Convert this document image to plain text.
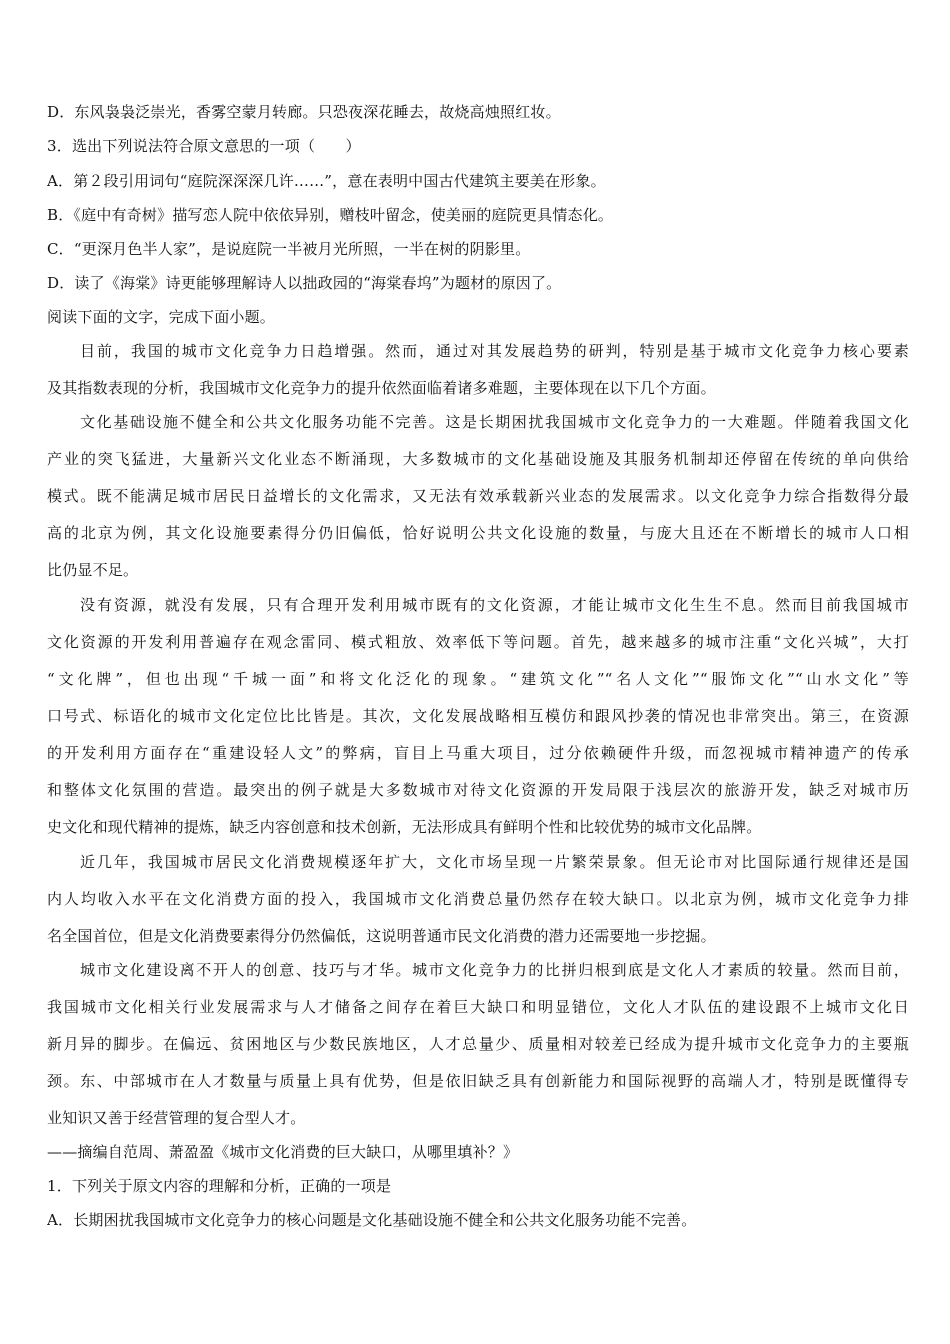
D．东风袅袅泛崇光，香雾空蒙月转廊。只恐夜深花睡去，故烧高烛照红妆。
3．选出下列说法符合原文意思的一项（　　）
A．第２段引用词句“庭院深深深几许……”，意在表明中国古代建筑主要美在形象。
B．《庭中有奇树》描写恋人院中依依异别，赠枝叶留念，使美丽的庭院更具情态化。
C．“更深月色半人家”，是说庭院一半被月光所照，一半在树的阴影里。
D．读了《海棠》诗更能够理解诗人以拙政园的“海棠春坞”为题材的原因了。
阅读下面的文字，完成下面小题。
目前，我国的城市文化竞争力日趋增强。然而，通过对其发展趋势的研判，特别是基于城市文化竞争力核心要素
及其指数表现的分析，我国城市文化竞争力的提升依然面临着诸多难题，主要体现在以下几个方面。
文化基础设施不健全和公共文化服务功能不完善。这是长期困扰我国城市文化竞争力的一大难题。伴随着我国文化
产业的突飞猛进，大量新兴文化业态不断涌现，大多数城市的文化基础设施及其服务机制却还停留在传统的单向供给
模式。既不能满足城市居民日益增长的文化需求，又无法有效承载新兴业态的发展需求。以文化竞争力综合指数得分最
高的北京为例，其文化设施要素得分仍旧偏低，恰好说明公共文化设施的数量，与庞大且还在不断增长的城市人口相
比仍显不足。
没有资源，就没有发展，只有合理开发利用城市既有的文化资源，才能让城市文化生生不息。然而目前我国城市
文化资源的开发利用普遍存在观念雷同、模式粗放、效率低下等问题。首先，越来越多的城市注重“文化兴城”，大打
“文化牌”，但也出现“千城一面”和将文化泛化的现象。“建筑文化”“名人文化”“服饰文化”“山水文化”等
口号式、标语化的城市文化定位比比皆是。其次，文化发展战略相互模仿和跟风抄袭的情况也非常突出。第三，在资源
的开发利用方面存在“重建设轻人文”的弊病，盲目上马重大项目，过分依赖硬件升级，而忽视城市精神遗产的传承
和整体文化氛围的营造。最突出的例子就是大多数城市对待文化资源的开发局限于浅层次的旅游开发，缺乏对城市历
史文化和现代精神的提炼，缺乏内容创意和技术创新，无法形成具有鲜明个性和比较优势的城市文化品牌。
近几年，我国城市居民文化消费规模逐年扩大，文化市场呈现一片繁荣景象。但无论市对比国际通行规律还是国
内人均收入水平在文化消费方面的投入，我国城市文化消费总量仍然存在较大缺口。以北京为例，城市文化竞争力排
名全国首位，但是文化消费要素得分仍然偏低，这说明普通市民文化消费的潜力还需要地一步挖掘。
城市文化建设离不开人的创意、技巧与才华。城市文化竞争力的比拼归根到底是文化人才素质的较量。然而目前，
我国城市文化相关行业发展需求与人才储备之间存在着巨大缺口和明显错位，文化人才队伍的建设跟不上城市文化日
新月异的脚步。在偏远、贫困地区与少数民族地区，人才总量少、质量相对较差已经成为提升城市文化竞争力的主要瓶
颈。东、中部城市在人才数量与质量上具有优势，但是依旧缺乏具有创新能力和国际视野的高端人才，特别是既懂得专
业知识又善于经营管理的复合型人才。
——摘编自范周、萧盈盈《城市文化消费的巨大缺口，从哪里填补？》
1．下列关于原文内容的理解和分析，正确的一项是
A．长期困扰我国城市文化竞争力的核心问题是文化基础设施不健全和公共文化服务功能不完善。
